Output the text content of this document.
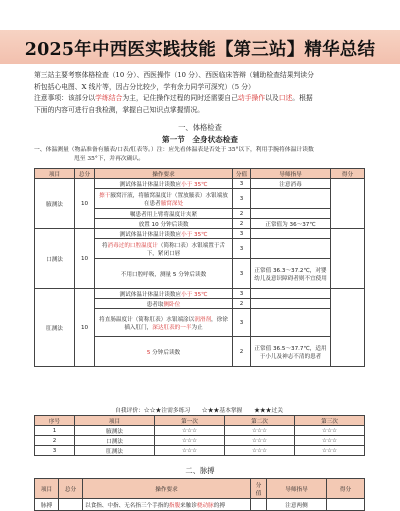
2025年中西医实践技能【第三站】精华总结

第三站主要考察体格检查（10 分）、西医操作（10 分）、西医临床答辩（辅助检查结果判读分

析包括心电图、X 线片等，因占分比较少，学有余力同学可深究）（5 分）

注意事项：该部分以学练结合为主，记住操作过程的同时还需要自己动手操作以及口述。根据

下面的内容可进行自我检测，掌握自己知识点掌握情况。

一、体格检查
第一节　全身状态检查
一、体温测量（物品准备有腋表/口表/肛表等。）注：应先看体温表是否处于 35°以下，利用手腕将体温计读数
甩至 35°下，并再次确认。
项目	总分	操作要求	分值	导师指导	得分
腋测法	10	测试体温计体温计读数应小于 35℃	3	注意消毒	
		擦干腋窝汗液，将腋窝温度计（置放腋表）水银端放在患者腋窝深处	3		
		嘱患者用上臂将温度计夹紧	2		
		放置 10 分钟后读数	2	正常值为 36～37℃	
口测法	10	测试体温计体温计读数应小于 35℃	3		
		将消毒过的口腔温度计（简称口表）水银端置于舌下，紧闭口唇	3		
		不用口腔呼吸，测量 5 分钟后读数	3	正常值 36.3～37.2℃，对婴幼儿及意识障碍者则不宜使用	
肛测法	10	测试体温计体温计读数应小于 35℃	3		
		患者取侧卧位	2		
		将直肠温度计（简称肛表）水银端涂以润滑剂，徐徐插入肛门，深达肛表的一半为止	3		
		5 分钟后读数	2	正常值 36.5～37.7℃，适用于小儿及神志不清的患者	
自我评价：☆☆★注需多练习　　☆★★基本掌握　　★★★过关
序号	项目	第一次	第二次	第三次
1	腋测法	☆☆☆	☆☆☆	☆☆☆
2	口测法	☆☆☆	☆☆☆	☆☆☆
3	肛测法	☆☆☆	☆☆☆	☆☆☆
二、脉搏
项目	总分	操作要求	分值	导师指导	得分
脉搏		以食指、中指、无名指三个手指的指腹来触诊桡动脉的搏		注意两侧	
